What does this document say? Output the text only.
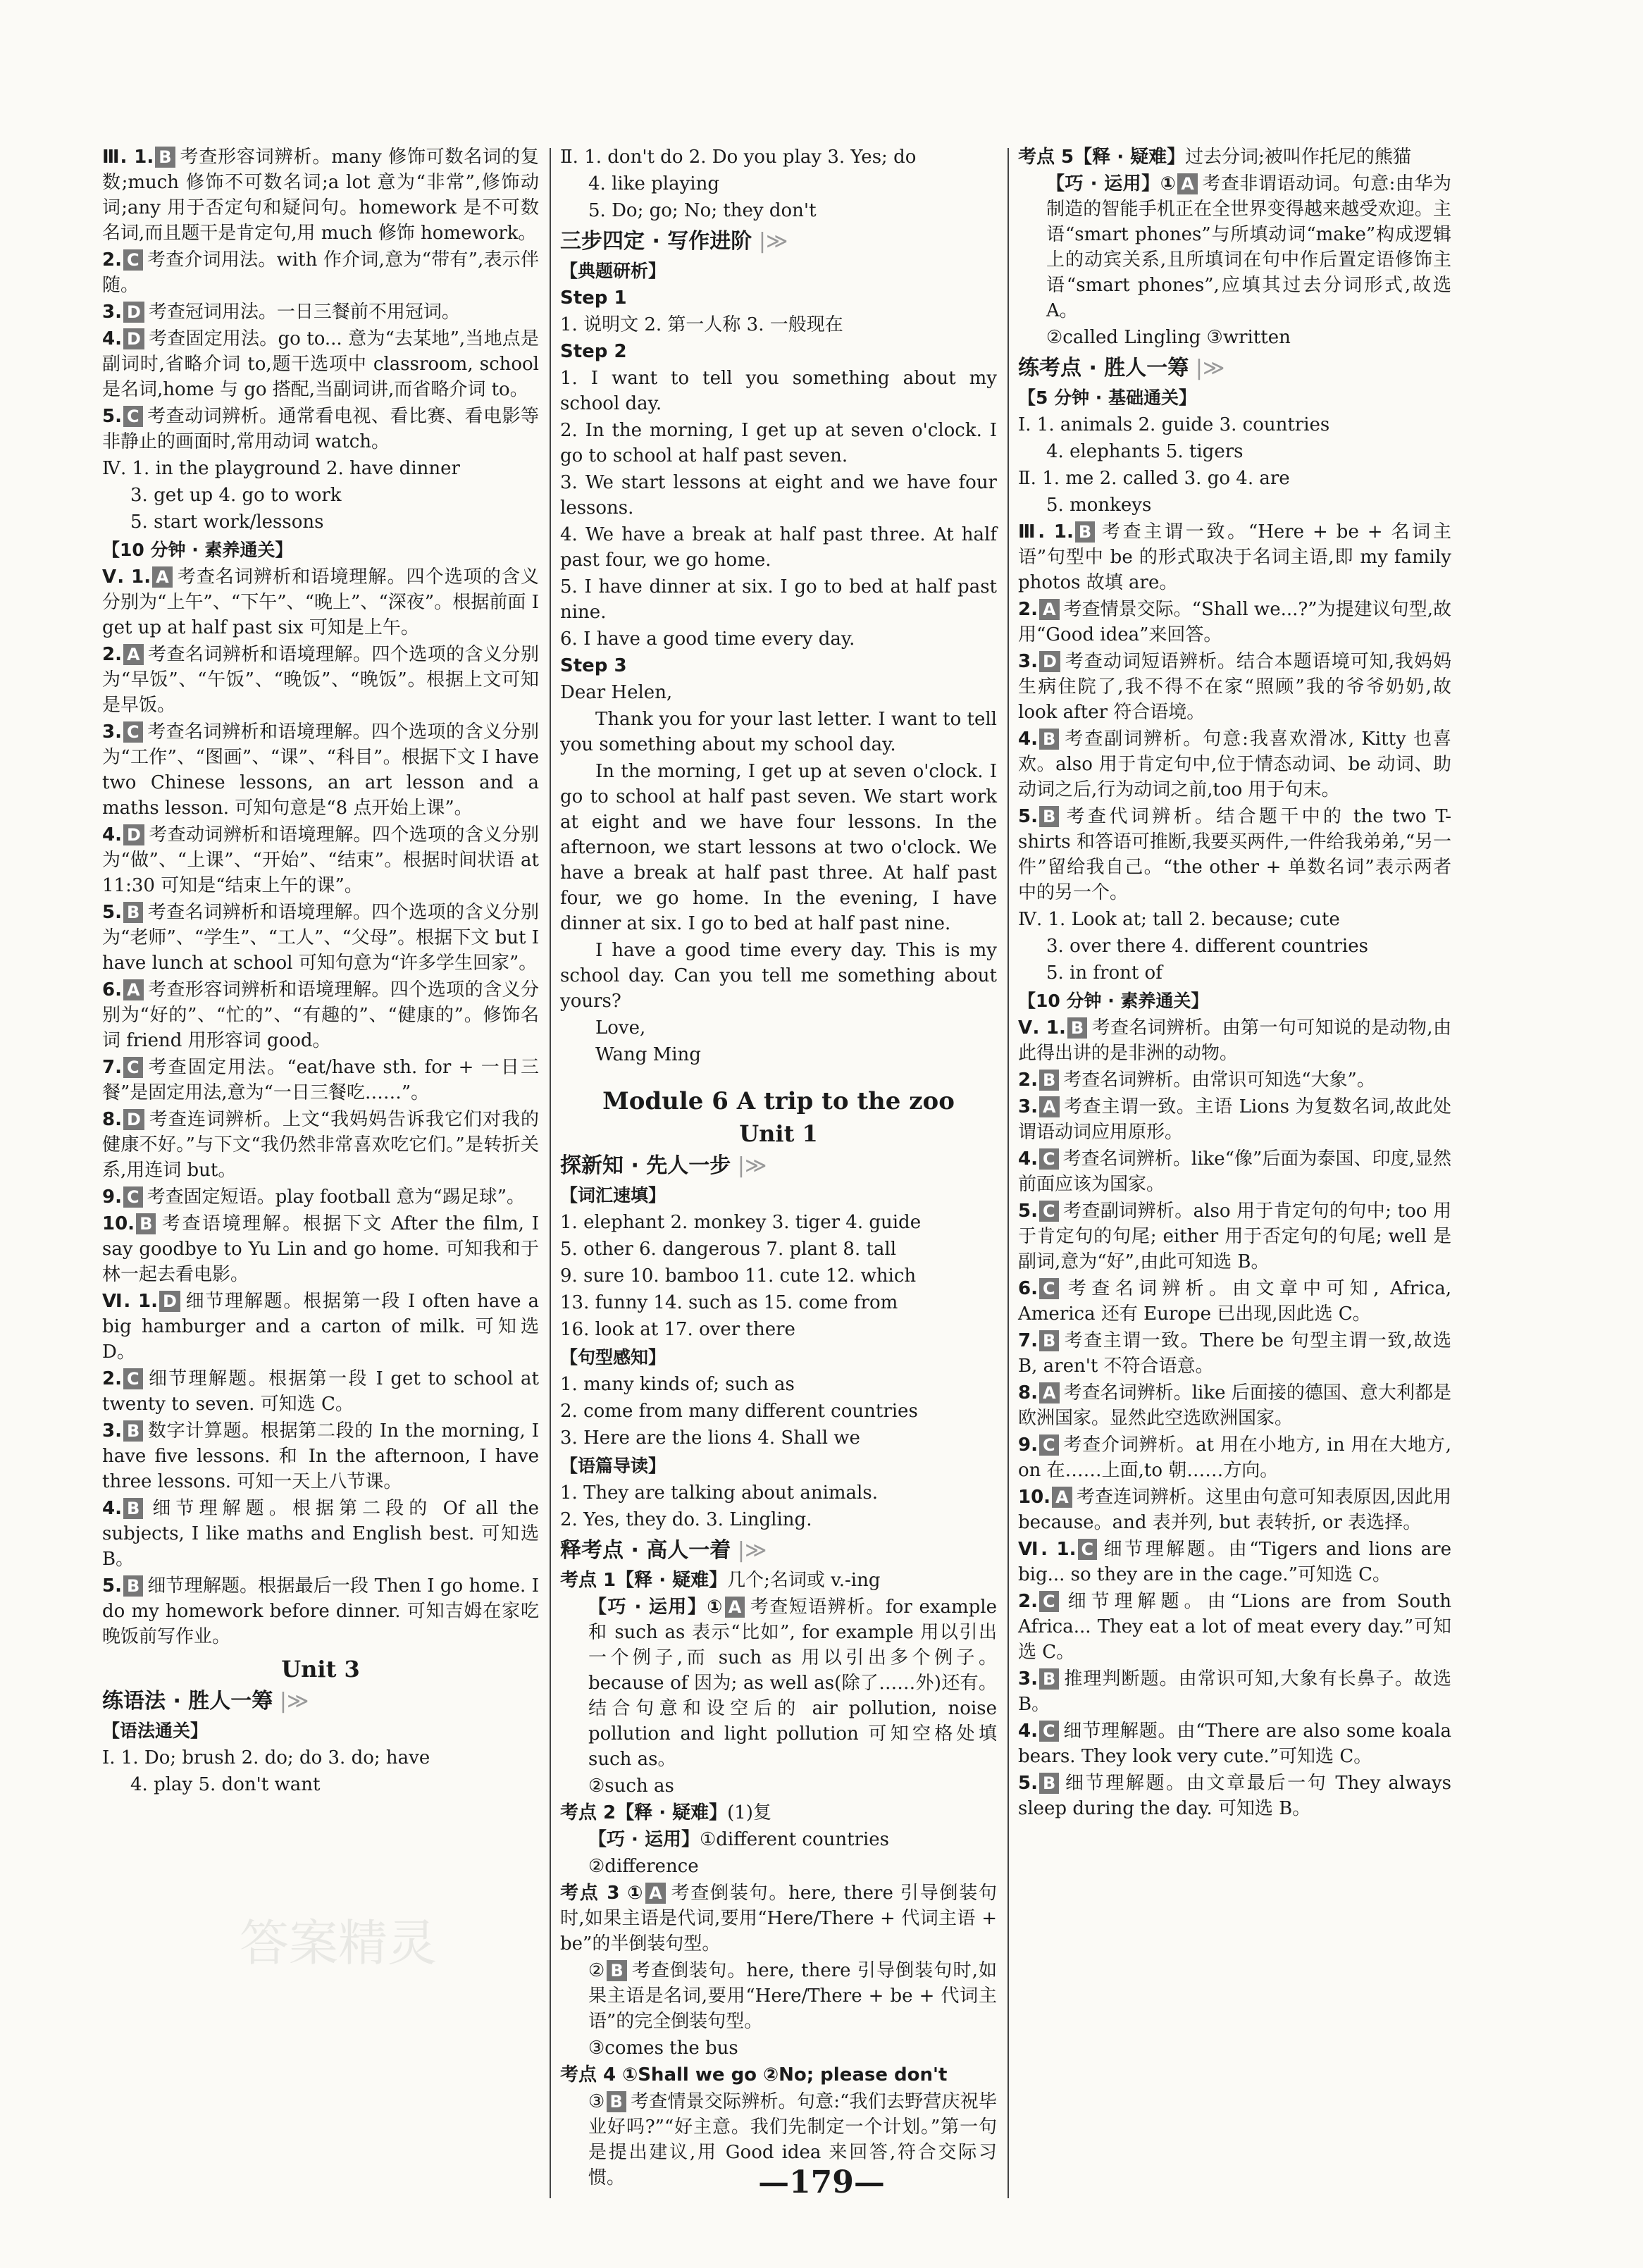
Ⅲ. 1. B 考查形容词辨析。many 修饰可数名词的复数;much 修饰不可数名词;a lot 意为“非常”,修饰动词;any 用于否定句和疑问句。homework 是不可数名词,而且题干是肯定句,用 much 修饰 homework。

2. C 考查介词用法。with 作介词,意为“带有”,表示伴随。

3. D 考查冠词用法。一日三餐前不用冠词。

4. D 考查固定用法。go to... 意为“去某地”,当地点是副词时,省略介词 to,题干选项中 classroom, school 是名词,home 与 go 搭配,当副词讲,而省略介词 to。

5. C 考查动词辨析。通常看电视、看比赛、看电影等非静止的画面时,常用动词 watch。

Ⅳ. 1. in the playground 2. have dinner

3. get up 4. go to work

5. start work/lessons

【10 分钟 · 素养通关】

Ⅴ. 1. A 考查名词辨析和语境理解。四个选项的含义分别为“上午”、“下午”、“晚上”、“深夜”。根据前面 I get up at half past six 可知是上午。

2. A 考查名词辨析和语境理解。四个选项的含义分别为“早饭”、“午饭”、“晚饭”、“晚饭”。根据上文可知是早饭。

3. C 考查名词辨析和语境理解。四个选项的含义分别为“工作”、“图画”、“课”、“科目”。根据下文 I have two Chinese lessons, an art lesson and a maths lesson. 可知句意是“8 点开始上课”。

4. D 考查动词辨析和语境理解。四个选项的含义分别为“做”、“上课”、“开始”、“结束”。根据时间状语 at 11:30 可知是“结束上午的课”。

5. B 考查名词辨析和语境理解。四个选项的含义分别为“老师”、“学生”、“工人”、“父母”。根据下文 but I have lunch at school 可知句意为“许多学生回家”。

6. A 考查形容词辨析和语境理解。四个选项的含义分别为“好的”、“忙的”、“有趣的”、“健康的”。修饰名词 friend 用形容词 good。

7. C 考查固定用法。“eat/have sth. for + 一日三餐”是固定用法,意为“一日三餐吃……”。

8. D 考查连词辨析。上文“我妈妈告诉我它们对我的健康不好。”与下文“我仍然非常喜欢吃它们。”是转折关系,用连词 but。

9. C 考查固定短语。play football 意为“踢足球”。

10. B 考查语境理解。根据下文 After the film, I say goodbye to Yu Lin and go home. 可知我和于林一起去看电影。

Ⅵ. 1. D 细节理解题。根据第一段 I often have a big hamburger and a carton of milk. 可知选 D。

2. C 细节理解题。根据第一段 I get to school at twenty to seven. 可知选 C。

3. B 数字计算题。根据第二段的 In the morning, I have five lessons. 和 In the afternoon, I have three lessons. 可知一天上八节课。

4. B 细节理解题。根据第二段的 Of all the subjects, I like maths and English best. 可知选 B。

5. B 细节理解题。根据最后一段 Then I go home. I do my homework before dinner. 可知吉姆在家吃晚饭前写作业。

Unit 3
练语法 · 胜人一筹 |≫
【语法通关】

Ⅰ. 1. Do; brush 2. do; do 3. do; have

4. play 5. don't want

Ⅱ. 1. don't do 2. Do you play 3. Yes; do

4. like playing

5. Do; go; No; they don't

三步四定 · 写作进阶 |≫
【典题研析】
Step 1

1. 说明文 2. 第一人称 3. 一般现在

Step 2

1. I want to tell you something about my school day.

2. In the morning, I get up at seven o'clock. I go to school at half past seven.

3. We start lessons at eight and we have four lessons.

4. We have a break at half past three. At half past four, we go home.

5. I have dinner at six. I go to bed at half past nine.

6. I have a good time every day.

Step 3

Dear Helen,

Thank you for your last letter. I want to tell you something about my school day.

In the morning, I get up at seven o'clock. I go to school at half past seven. We start work at eight and we have four lessons. In the afternoon, we start lessons at two o'clock. We have a break at half past three. At half past four, we go home. In the evening, I have dinner at six. I go to bed at half past nine.

I have a good time every day. This is my school day. Can you tell me something about yours?

Love,

Wang Ming

Module 6 A trip to the zoo
Unit 1
探新知 · 先人一步 |≫
【词汇速填】

1. elephant 2. monkey 3. tiger 4. guide

5. other 6. dangerous 7. plant 8. tall

9. sure 10. bamboo 11. cute 12. which

13. funny 14. such as 15. come from

16. look at 17. over there

【句型感知】

1. many kinds of; such as

2. come from many different countries

3. Here are the lions 4. Shall we

【语篇导读】

1. They are talking about animals.

2. Yes, they do. 3. Lingling.

释考点 · 高人一着 |≫

考点 1【释 · 疑难】几个;名词或 v.-ing

【巧 · 运用】① A 考查短语辨析。for example 和 such as 表示“比如”, for example 用以引出一个例子,而 such as 用以引出多个例子。because of 因为; as well as(除了……外)还有。结合句意和设空后的 air pollution, noise pollution and light pollution 可知空格处填 such as。

②such as

考点 2【释 · 疑难】(1)复

【巧 · 运用】①different countries

②difference

考点 3 ① A 考查倒装句。here, there 引导倒装句时,如果主语是代词,要用“Here/There + 代词主语 + be”的半倒装句型。

② B 考查倒装句。here, there 引导倒装句时,如果主语是名词,要用“Here/There + be + 代词主语”的完全倒装句型。

③comes the bus

考点 4 ①Shall we go ②No; please don't

③ B 考查情景交际辨析。句意:“我们去野营庆祝毕业好吗?”“好主意。我们先制定一个计划。”第一句是提出建议,用 Good idea 来回答,符合交际习惯。

考点 5【释 · 疑难】过去分词;被叫作托尼的熊猫

【巧 · 运用】① A 考查非谓语动词。句意:由华为制造的智能手机正在全世界变得越来越受欢迎。主语“smart phones”与所填动词“make”构成逻辑上的动宾关系,且所填词在句中作后置定语修饰主语“smart phones”,应填其过去分词形式,故选 A。

②called Lingling ③written

练考点 · 胜人一筹 |≫
【5 分钟 · 基础通关】

Ⅰ. 1. animals 2. guide 3. countries

4. elephants 5. tigers

Ⅱ. 1. me 2. called 3. go 4. are

5. monkeys

Ⅲ. 1. B 考查主谓一致。“Here + be + 名词主语”句型中 be 的形式取决于名词主语,即 my family photos 故填 are。

2. A 考查情景交际。“Shall we...?”为提建议句型,故用“Good idea”来回答。

3. D 考查动词短语辨析。结合本题语境可知,我妈妈生病住院了,我不得不在家“照顾”我的爷爷奶奶,故 look after 符合语境。

4. B 考查副词辨析。句意:我喜欢滑冰, Kitty 也喜欢。also 用于肯定句中,位于情态动词、be 动词、助动词之后,行为动词之前,too 用于句末。

5. B 考查代词辨析。结合题干中的 the two T-shirts 和答语可推断,我要买两件,一件给我弟弟,“另一件”留给我自己。“the other + 单数名词”表示两者中的另一个。

Ⅳ. 1. Look at; tall 2. because; cute

3. over there 4. different countries

5. in front of

【10 分钟 · 素养通关】

Ⅴ. 1. B 考查名词辨析。由第一句可知说的是动物,由此得出讲的是非洲的动物。

2. B 考查名词辨析。由常识可知选“大象”。

3. A 考查主谓一致。主语 Lions 为复数名词,故此处谓语动词应用原形。

4. C 考查名词辨析。like“像”后面为泰国、印度,显然前面应该为国家。

5. C 考查副词辨析。also 用于肯定句的句中; too 用于肯定句的句尾; either 用于否定句的句尾; well 是副词,意为“好”,由此可知选 B。

6. C 考查名词辨析。由文章中可知, Africa, America 还有 Europe 已出现,因此选 C。

7. B 考查主谓一致。There be 句型主谓一致,故选 B, aren't 不符合语意。

8. A 考查名词辨析。like 后面接的德国、意大利都是欧洲国家。显然此空选欧洲国家。

9. C 考查介词辨析。at 用在小地方, in 用在大地方, on 在……上面,to 朝……方向。

10. A 考查连词辨析。这里由句意可知表原因,因此用 because。and 表并列, but 表转折, or 表选择。

Ⅵ. 1. C 细节理解题。由“Tigers and lions are big... so they are in the cage.”可知选 C。

2. C 细节理解题。由“Lions are from South Africa... They eat a lot of meat every day.”可知选 C。

3. B 推理判断题。由常识可知,大象有长鼻子。故选 B。

4. C 细节理解题。由“There are also some koala bears. They look very cute.”可知选 C。

5. B 细节理解题。由文章最后一句 They always sleep during the day. 可知选 B。

答案精灵
—179—
